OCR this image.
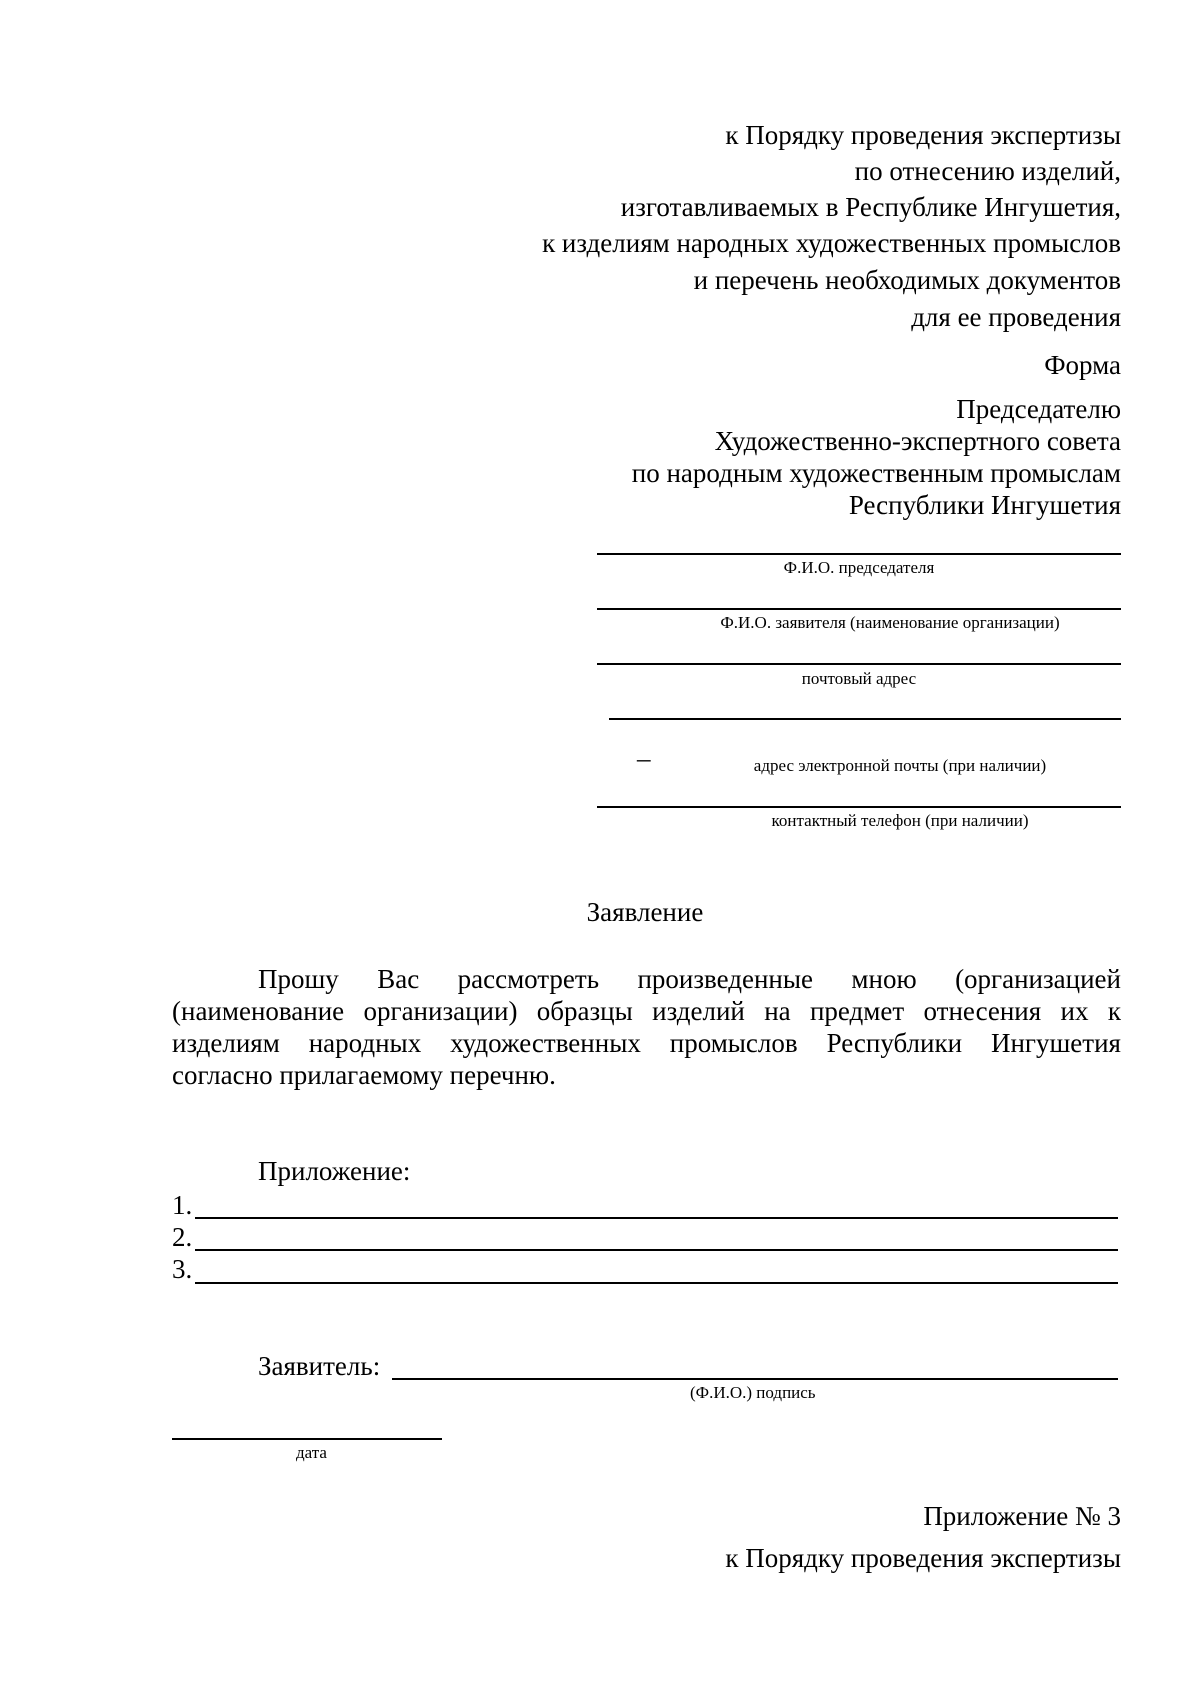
к Порядку проведения экспертизы
по отнесению изделий,
изготавливаемых в Республике Ингушетия,
к изделиям народных художественных промыслов
и перечень необходимых документов
для ее проведения
Форма
Председателю
Художественно-экспертного совета
по народным художественным промыслам
Республики Ингушетия
Ф.И.О. председателя
Ф.И.О. заявителя (наименование организации)
почтовый адрес
_
адрес электронной почты (при наличии)
контактный телефон (при наличии)
Заявление
Прошу Вас рассмотреть произведенные мною (организацией
(наименование организации) образцы изделий на предмет отнесения их к
изделиям народных художественных промыслов Республики Ингушетия
согласно прилагаемому перечню.
Приложение:
1.
2.
3.
Заявитель:
(Ф.И.О.) подпись
дата
Приложение № 3
к Порядку проведения экспертизы
